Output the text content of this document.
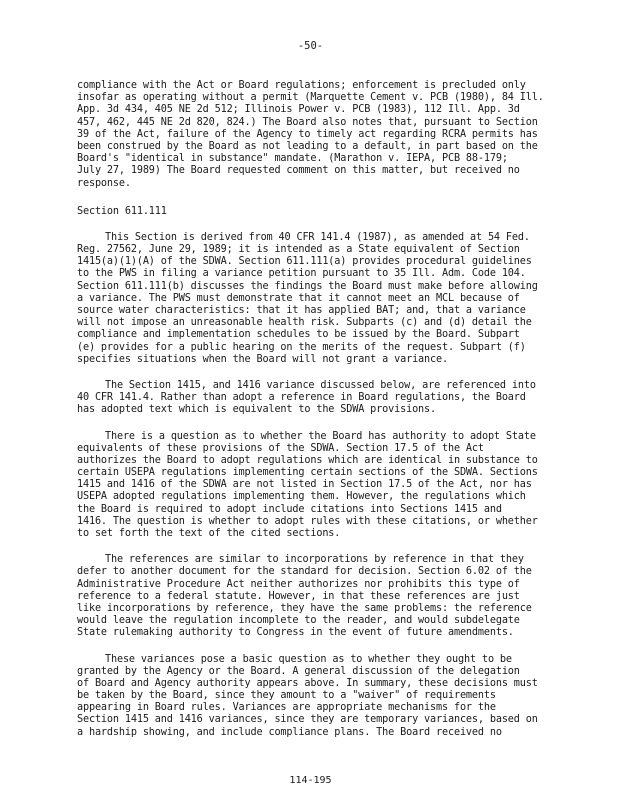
-50-
compliance with the Act or Board regulations; enforcement is precluded only
insofar as operating without a permit (Marquette Cement v. PCB (1980), 84 Ill.
App. 3d 434, 405 NE 2d 512; Illinois Power v. PCB (1983), 112 Ill. App. 3d
457, 462, 445 NE 2d 820, 824.) The Board also notes that, pursuant to Section
39 of the Act, failure of the Agency to timely act regarding RCRA permits has
been construed by the Board as not leading to a default, in part based on the
Board's "identical in substance" mandate. (Marathon v. IEPA, PCB 88-179;
July 27, 1989) The Board requested comment on this matter, but received no
response.
Section 611.111
This Section is derived from 40 CFR 141.4 (1987), as amended at 54 Fed.
Reg. 27562, June 29, 1989; it is intended as a State equivalent of Section
1415(a)(1)(A) of the SDWA. Section 611.111(a) provides procedural guidelines
to the PWS in filing a variance petition pursuant to 35 Ill. Adm. Code 104.
Section 611.111(b) discusses the findings the Board must make before allowing
a variance. The PWS must demonstrate that it cannot meet an MCL because of
source water characteristics: that it has applied BAT; and, that a variance
will not impose an unreasonable health risk. Subparts (c) and (d) detail the
compliance and implementation schedules to be issued by the Board. Subpart
(e) provides for a public hearing on the merits of the request. Subpart (f)
specifies situations when the Board will not grant a variance.
The Section 1415, and 1416 variance discussed below, are referenced into
40 CFR 141.4. Rather than adopt a reference in Board regulations, the Board
has adopted text which is equivalent to the SDWA provisions.
There is a question as to whether the Board has authority to adopt State
equivalents of these provisions of the SDWA. Section 17.5 of the Act
authorizes the Board to adopt regulations which are identical in substance to
certain USEPA regulations implementing certain sections of the SDWA. Sections
1415 and 1416 of the SDWA are not listed in Section 17.5 of the Act, nor has
USEPA adopted regulations implementing them. However, the regulations which
the Board is required to adopt include citations into Sections 1415 and
1416. The question is whether to adopt rules with these citations, or whether
to set forth the text of the cited sections.
The references are similar to incorporations by reference in that they
defer to another document for the standard for decision. Section 6.02 of the
Administrative Procedure Act neither authorizes nor prohibits this type of
reference to a federal statute. However, in that these references are just
like incorporations by reference, they have the same problems: the reference
would leave the regulation incomplete to the reader, and would subdelegate
State rulemaking authority to Congress in the event of future amendments.
These variances pose a basic question as to whether they ought to be
granted by the Agency or the Board. A general discussion of the delegation
of Board and Agency authority appears above. In summary, these decisions must
be taken by the Board, since they amount to a "waiver" of requirements
appearing in Board rules. Variances are appropriate mechanisms for the
Section 1415 and 1416 variances, since they are temporary variances, based on
a hardship showing, and include compliance plans. The Board received no
114-195
